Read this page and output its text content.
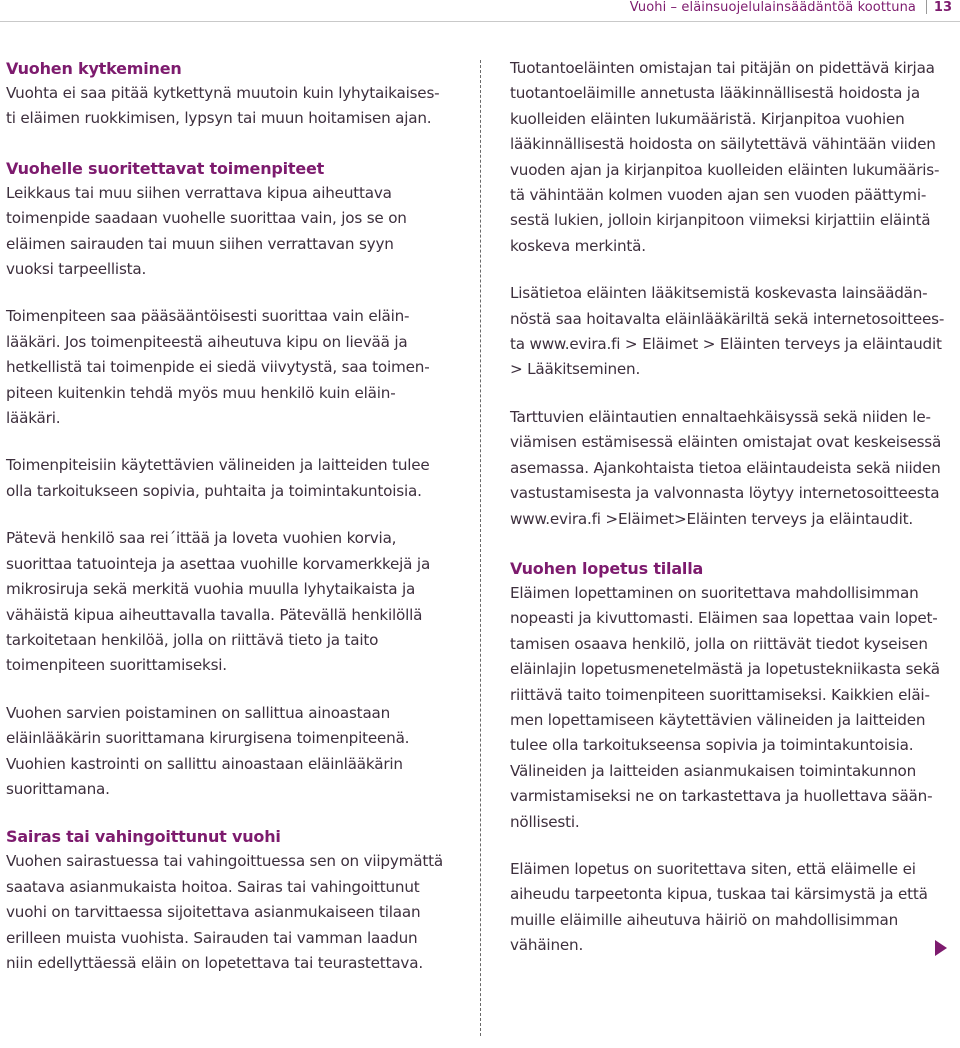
Vuohi – eläinsuojelulainsäädäntöä koottuna 13
Vuohen kytkeminen

Vuohta ei saa pitää kytkettynä muutoin kuin lyhytaikaises-
ti eläimen ruokkimisen, lypsyn tai muun hoitamisen ajan.

Vuohelle suoritettavat toimenpiteet

Leikkaus tai muu siihen verrattava kipua aiheuttava
toimenpide saadaan vuohelle suorittaa vain, jos se on
eläimen sairauden tai muun siihen verrattavan syyn
vuoksi tarpeellista.

Toimenpiteen saa pääsääntöisesti suorittaa vain eläin-
lääkäri. Jos toimenpiteestä aiheutuva kipu on lievää ja
hetkellistä tai toimenpide ei siedä viivytystä, saa toimen-
piteen kuitenkin tehdä myös muu henkilö kuin eläin-
lääkäri.

Toimenpiteisiin käytettävien välineiden ja laitteiden tulee
olla tarkoitukseen sopivia, puhtaita ja toimintakuntoisia.

Pätevä henkilö saa rei´ittää ja loveta vuohien korvia,
suorittaa tatuointeja ja asettaa vuohille korvamerkkejä ja
mikrosiruja sekä merkitä vuohia muulla lyhytaikaista ja
vähäistä kipua aiheuttavalla tavalla. Pätevällä henkilöllä
tarkoitetaan henkilöä, jolla on riittävä tieto ja taito
toimenpiteen suorittamiseksi.

Vuohen sarvien poistaminen on sallittua ainoastaan
eläinlääkärin suorittamana kirurgisena toimenpiteenä.
Vuohien kastrointi on sallittu ainoastaan eläinlääkärin
suorittamana.

Sairas tai vahingoittunut vuohi

Vuohen sairastuessa tai vahingoittuessa sen on viipymättä
saatava asianmukaista hoitoa. Sairas tai vahingoittunut
vuohi on tarvittaessa sijoitettava asianmukaiseen tilaan
erilleen muista vuohista. Sairauden tai vamman laadun
niin edellyttäessä eläin on lopetettava tai teurastettava.

Tuotantoeläinten omistajan tai pitäjän on pidettävä kirjaa
tuotantoeläimille annetusta lääkinnällisestä hoidosta ja
kuolleiden eläinten lukumääristä. Kirjanpitoa vuohien
lääkinnällisestä hoidosta on säilytettävä vähintään viiden
vuoden ajan ja kirjanpitoa kuolleiden eläinten lukumääris-
tä vähintään kolmen vuoden ajan sen vuoden päättymi-
sestä lukien, jolloin kirjanpitoon viimeksi kirjattiin eläintä
koskeva merkintä.

Lisätietoa eläinten lääkitsemistä koskevasta lainsäädän-
nöstä saa hoitavalta eläinlääkäriltä sekä internetosoittees-
ta www.evira.fi > Eläimet > Eläinten terveys ja eläintaudit
> Lääkitseminen.

Tarttuvien eläintautien ennaltaehkäisyssä sekä niiden le-
viämisen estämisessä eläinten omistajat ovat keskeisessä
asemassa. Ajankohtaista tietoa eläintaudeista sekä niiden
vastustamisesta ja valvonnasta löytyy internetosoitteesta
www.evira.fi >Eläimet>Eläinten terveys ja eläintaudit.

Vuohen lopetus tilalla

Eläimen lopettaminen on suoritettava mahdollisimman
nopeasti ja kivuttomasti. Eläimen saa lopettaa vain lopet-
tamisen osaava henkilö, jolla on riittävät tiedot kyseisen
eläinlajin lopetusmenetelmästä ja lopetustekniikasta sekä
riittävä taito toimenpiteen suorittamiseksi. Kaikkien eläi-
men lopettamiseen käytettävien välineiden ja laitteiden
tulee olla tarkoitukseensa sopivia ja toimintakuntoisia.
Välineiden ja laitteiden asianmukaisen toimintakunnon
varmistamiseksi ne on tarkastettava ja huollettava sään-
nöllisesti.

Eläimen lopetus on suoritettava siten, että eläimelle ei
aiheudu tarpeetonta kipua, tuskaa tai kärsimystä ja että
muille eläimille aiheutuva häiriö on mahdollisimman
vähäinen.
